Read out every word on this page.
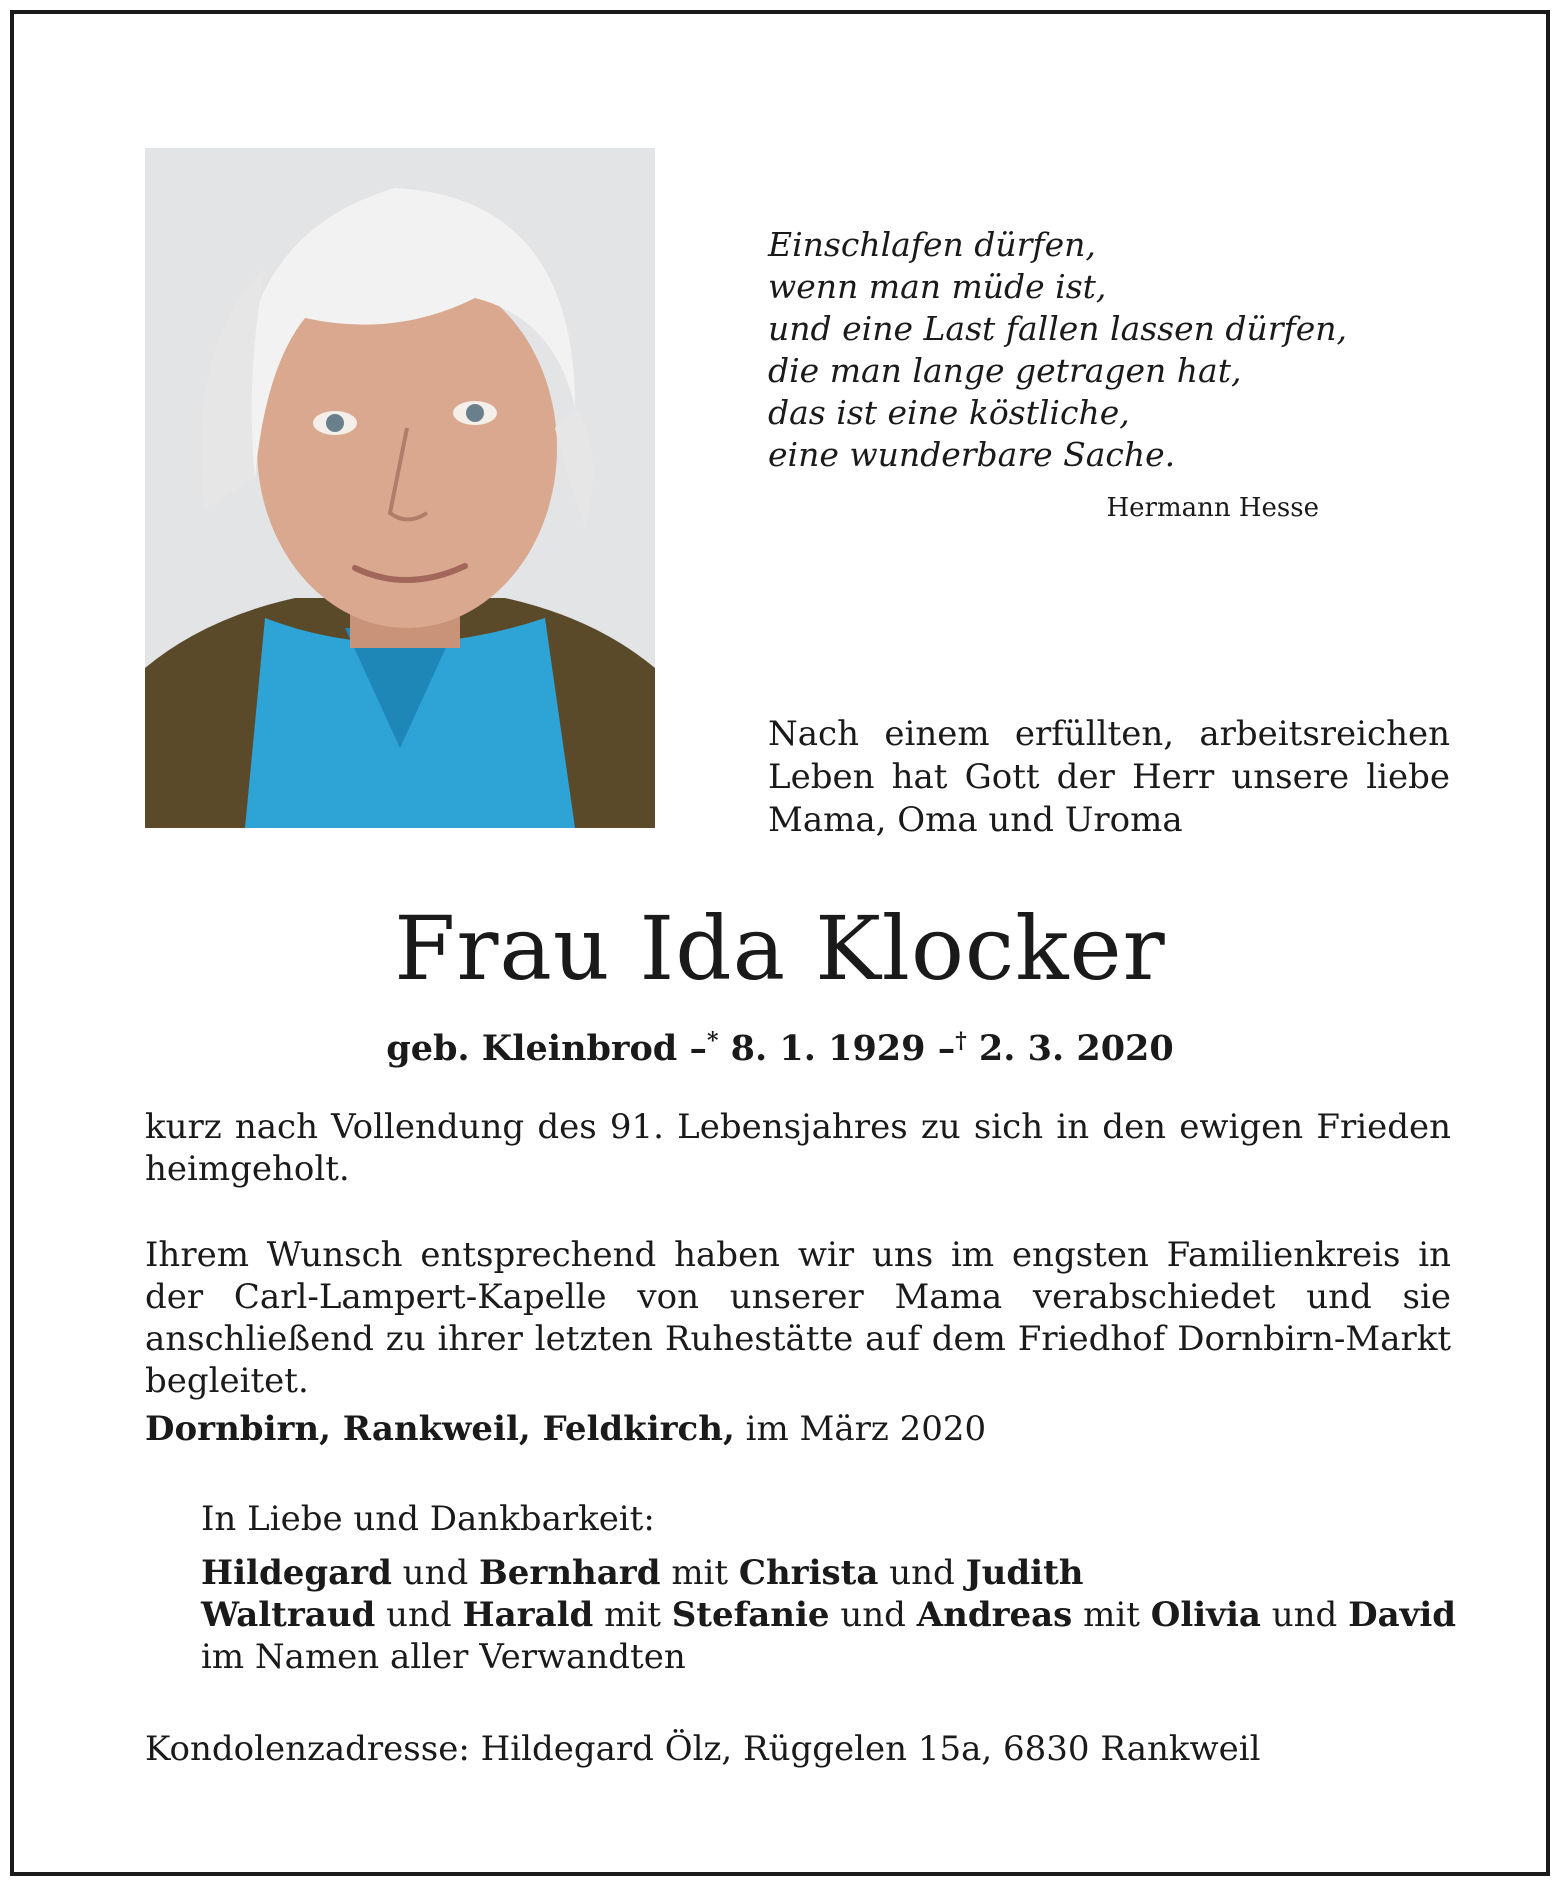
Einschlafen dürfen,
wenn man müde ist,
und eine Last fallen lassen dürfen,
die man lange getragen hat,
das ist eine köstliche,
eine wunderbare Sache.
Hermann Hesse
Nach einem erfüllten, arbeitsreichen Leben hat Gott der Herr unsere liebe Mama, Oma und Uroma
Frau Ida Klocker
geb. Kleinbrod –* 8. 1. 1929 –† 2. 3. 2020
kurz nach Vollendung des 91. Lebensjahres zu sich in den ewigen Frieden heimgeholt.
Ihrem Wunsch entsprechend haben wir uns im engsten Familienkreis in der Carl-Lampert-Kapelle von unserer Mama verabschiedet und sie anschließend zu ihrer letzten Ruhestätte auf dem Friedhof Dornbirn-Markt begleitet.
Dornbirn, Rankweil, Feldkirch, im März 2020
In Liebe und Dankbarkeit:
Hildegard und Bernhard mit Christa und Judith
Waltraud und Harald mit Stefanie und Andreas mit Olivia und David
im Namen aller Verwandten
Kondolenzadresse: Hildegard Ölz, Rüggelen 15a, 6830 Rankweil
